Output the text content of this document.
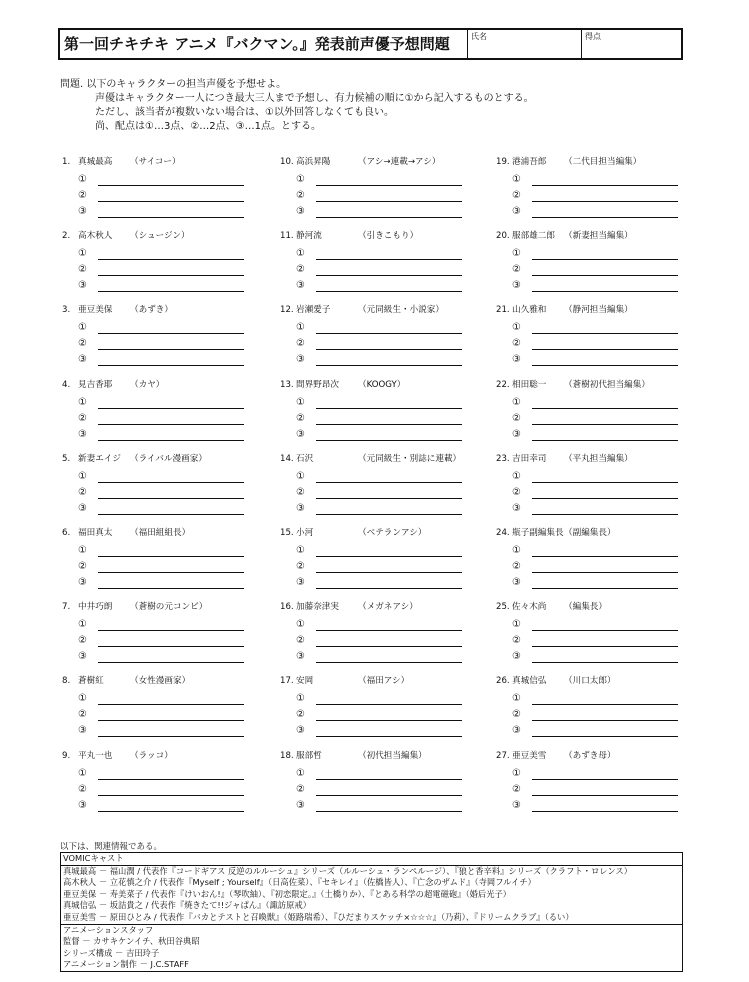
第一回チキチキ アニメ『バクマン。』発表前声優予想問題	氏名	得点
問題. 以下のキャラクターの担当声優を予想せよ。
声優はキャラクター一人につき最大三人まで予想し、有力候補の順に①から記入するものとする。
ただし、該当者が複数いない場合は、①以外回答しなくても良い。
尚、配点は①…3点、②…2点、③…1点。とする。
1. 真城最高 （サイコー）
①
②
③
2. 高木秋人 （シュージン）
①
②
③
3. 亜豆美保 （あずき）
①
②
③
4. 見吉香耶 （カヤ）
①
②
③
5. 新妻エイジ （ライバル漫画家）
①
②
③
6. 福田真太 （福田組組長）
①
②
③
7. 中井巧朗 （蒼樹の元コンビ）
①
②
③
8. 蒼樹紅	（女性漫画家）
①
②
③
9. 平丸一也 （ラッコ）
①
②
③
10. 高浜昇陽	（アシ→連載→アシ）
①
②
③
11. 静河流	（引きこもり）
①
②
③
12. 岩瀬愛子	（元同級生・小説家）
①
②
③
13. 間界野昂次 （KOOGY）
①
②
③
14. 石沢	（元同級生・別誌に連載）
①
②
③
15. 小河	（ベテランアシ）
①
②
③
16. 加藤奈津実 （メガネアシ）
①
②
③
17. 安岡	（福田アシ）
①
②
③
18. 服部哲	（初代担当編集）
①
②
③
19. 港浦吾郎 （二代目担当編集）
①
②
③
20. 服部雄二郎 （新妻担当編集）
①
②
③
21. 山久雅和 （静河担当編集）
①
②
③
22. 相田聡一 （蒼樹初代担当編集）
①
②
③
23. 吉田幸司 （平丸担当編集）
①
②
③
24. 瓶子副編集長 （副編集長）
①
②
③
25. 佐々木尚 （編集長）
①
②
③
26. 真城信弘 （川口太郎）
①
②
③
27. 亜豆美雪 （あずき母）
①
②
③
以下は、関連情報である。
VOMICキャスト
真城最高 － 福山潤 / 代表作『コードギアス 反逆のルルーシュ』シリーズ（ルルーシュ・ランペルージ）、『狼と香辛料』シリーズ（クラフト・ロレンス）
高木秋人 － 立花慎之介 / 代表作『Myself ; Yourself』（日高佐菜）、『セキレイ』（佐橋皆人）、『亡念のザムド』（寺岡フルイチ）
亜豆美保 － 寿美菜子 / 代表作『けいおん!』（琴吹紬）、『初恋限定。』（土橋りか）、『とある科学の超電磁砲』（婚后光子）
真城信弘 － 坂詰貴之 / 代表作『焼きたて!!ジャぱん』（諏訪原戒）
亜豆美雪 － 原田ひとみ / 代表作『バカとテストと召喚獣』（姫路瑞希）、『ひだまりスケッチ×☆☆☆』（乃莉）、『ドリームクラブ』（るい）
アニメーションスタッフ
監督 － カサキケンイチ、秋田谷典昭
シリーズ構成 － 吉田玲子
アニメーション制作 － J.C.STAFF
